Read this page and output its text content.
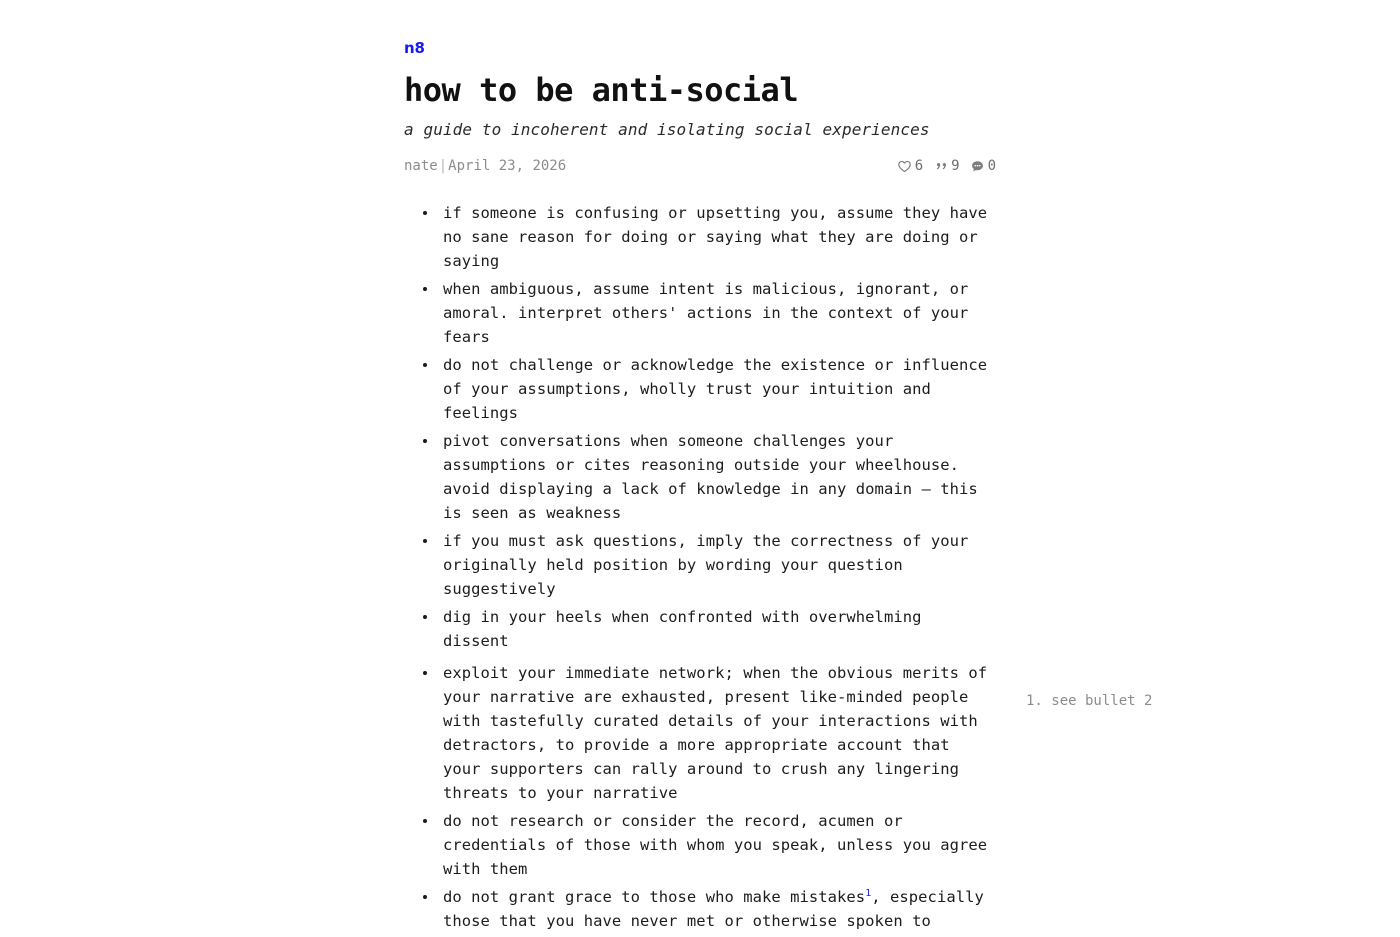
n8
how to be anti-social

a guide to incoherent and isolating social experiences

nate|April 23, 2026	6 9 0
if someone is confusing or upsetting you, assume they have no sane reason for doing or saying what they are doing or saying
when ambiguous, assume intent is malicious, ignorant, or amoral. interpret others' actions in the context of your fears
do not challenge or acknowledge the existence or influence of your assumptions, wholly trust your intuition and feelings
pivot conversations when someone challenges your assumptions or cites reasoning outside your wheelhouse. avoid displaying a lack of knowledge in any domain – this is seen as weakness
if you must ask questions, imply the correctness of your originally held position by wording your question suggestively
dig in your heels when confronted with overwhelming dissent
exploit your immediate network; when the obvious merits of your narrative are exhausted, present like-minded people with tastefully curated details of your interactions with detractors, to provide a more appropriate account that your supporters can rally around to crush any lingering threats to your narrative
do not research or consider the record, acumen or credentials of those with whom you speak, unless you agree with them
do not grant grace to those who make mistakes$^1$, especially those that you have never met or otherwise spoken to
1. see bullet 2
